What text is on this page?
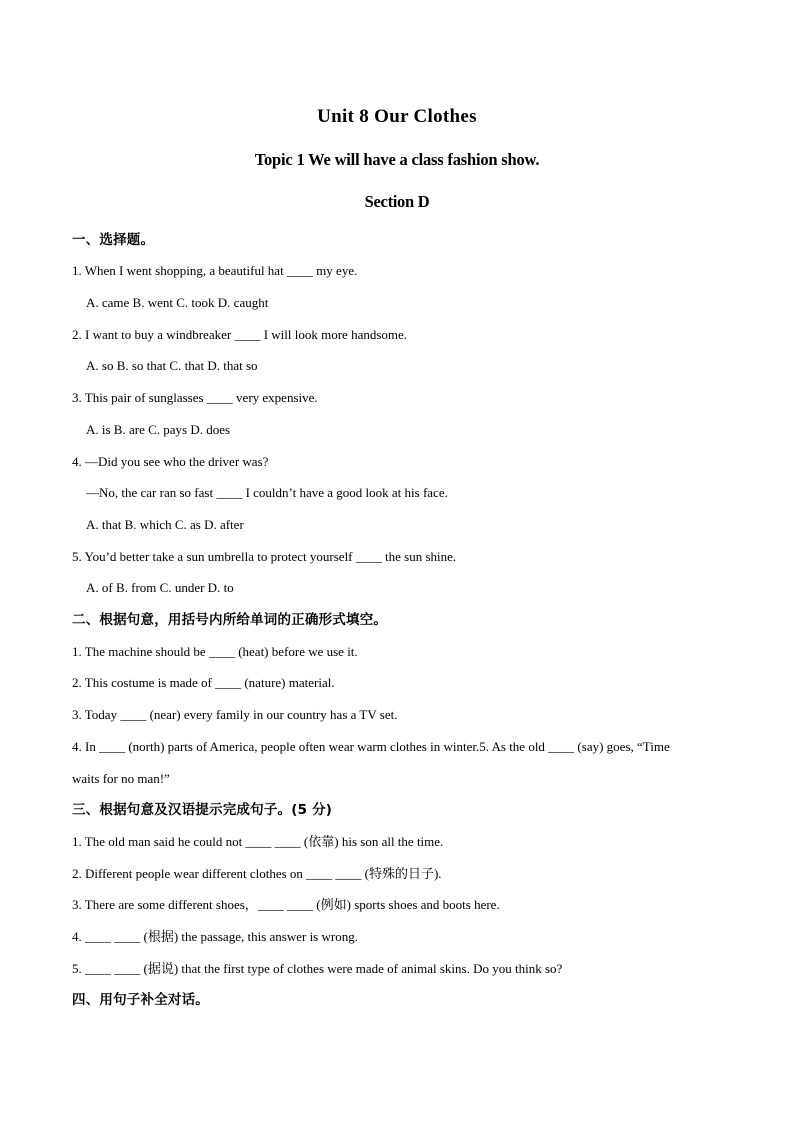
Unit 8 Our Clothes
Topic 1 We will have a class fashion show.
Section D
一、选择题。
1. When I went shopping, a beautiful hat ____ my eye.
A. came B. went C. took D. caught
2. I want to buy a windbreaker ____ I will look more handsome.
A. so B. so that C. that D. that so
3. This pair of sunglasses ____ very expensive.
A. is B. are C. pays D. does
4. —Did you see who the driver was?
—No, the car ran so fast ____ I couldn’t have a good look at his face.
A. that B. which C. as D. after
5. You’d better take a sun umbrella to protect yourself ____ the sun shine.
A. of B. from C. under D. to
二、根据句意，用括号内所给单词的正确形式填空。
1. The machine should be ____ (heat) before we use it.
2. This costume is made of ____ (nature) material.
3. Today ____ (near) every family in our country has a TV set.
4. In ____ (north) parts of America, people often wear warm clothes in winter.5. As the old ____ (say) goes, “Time
waits for no man!”
三、根据句意及汉语提示完成句子。(5 分)
1. The old man said he could not ____ ____ (依靠) his son all the time.
2. Different people wear different clothes on ____ ____ (特殊的日子).
3. There are some different shoes，____ ____ (例如) sports shoes and boots here.
4. ____ ____ (根据) the passage, this answer is wrong.
5. ____ ____ (据说) that the first type of clothes were made of animal skins. Do you think so?
四、用句子补全对话。
